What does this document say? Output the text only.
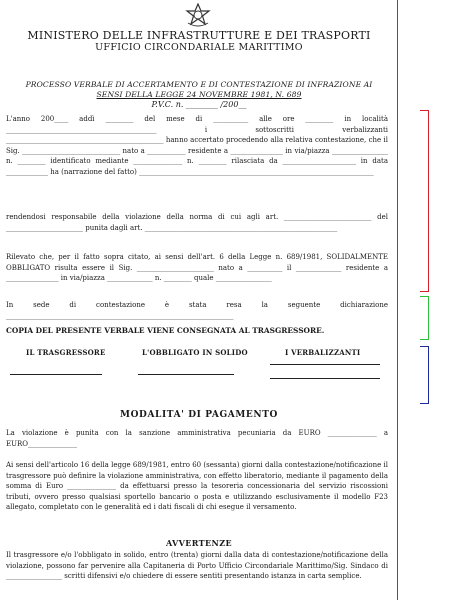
MINISTERO DELLE INFRASTRUTTURE E DEI TRASPORTI
UFFICIO CIRCONDARIALE MARITTIMO
PROCESSO VERBALE DI ACCERTAMENTO E DI CONTESTAZIONE DI INFRAZIONE AI
SENSI DELLA LEGGE 24 NOVEMBRE 1981, N. 689
P.V.C. n. ________ /200__
L'anno 200____ addì ________ del mese di __________ alle ore ________ in località ___________________________________________ i sottoscritti verbalizzanti _____________________________________________ hanno accertato procedendo alla relativa contestazione, che il Sig. ____________________________ nato a ___________ residente a _______________ in via/piazza ________________ n. ________ identificato mediante ______________ n. ________ rilasciata da _____________________ in data ____________ ha (narrazione del fatto) ___________________________________________________________________
rendendosi responsabile della violazione della norma di cui agli art. _________________________ del ______________________ punita dagli art. _______________________________________________________
Rilevato che, per il fatto sopra citato, ai sensi dell'art. 6 della Legge n. 689/1981, SOLIDALMENTE OBBLIGATO risulta essere il Sig. ______________________ nato a __________ il _____________ residente a _______________ in via/piazza _____________ n. ________ quale ________________
In sede di contestazione è stata resa la seguente dichiarazione _________________________________________________________________
COPIA DEL PRESENTE VERBALE VIENE CONSEGNATA AL TRASGRESSORE.
IL TRASGRESSORE	L'OBBLIGATO IN SOLIDO	I VERBALIZZANTI
MODALITA' DI PAGAMENTO
La violazione è punita con la sanzione amministrativa pecuniaria da EURO ______________ a EURO______________
Ai sensi dell'articolo 16 della legge 689/1981, entro 60 (sessanta) giorni dalla contestazione/notificazione il trasgressore può definire la violazione amministrativa, con effetto liberatorio, mediante il pagamento della somma di Euro ______________ da effettuarsi presso la tesoreria concessionaria del servizio riscossioni tributi, ovvero presso qualsiasi sportello bancario o posta e utilizzando esclusivamente il modello F23 allegato, completato con le generalità ed i dati fiscali di chi esegue il versamento.
AVVERTENZE
Il trasgressore e/o l'obbligato in solido, entro (trenta) giorni dalla data di contestazione/notificazione della violazione, possono far pervenire alla Capitaneria di Porto Ufficio Circondariale Marittimo/Sig. Sindaco di ________________ scritti difensivi e/o chiedere di essere sentiti presentando istanza in carta semplice.
